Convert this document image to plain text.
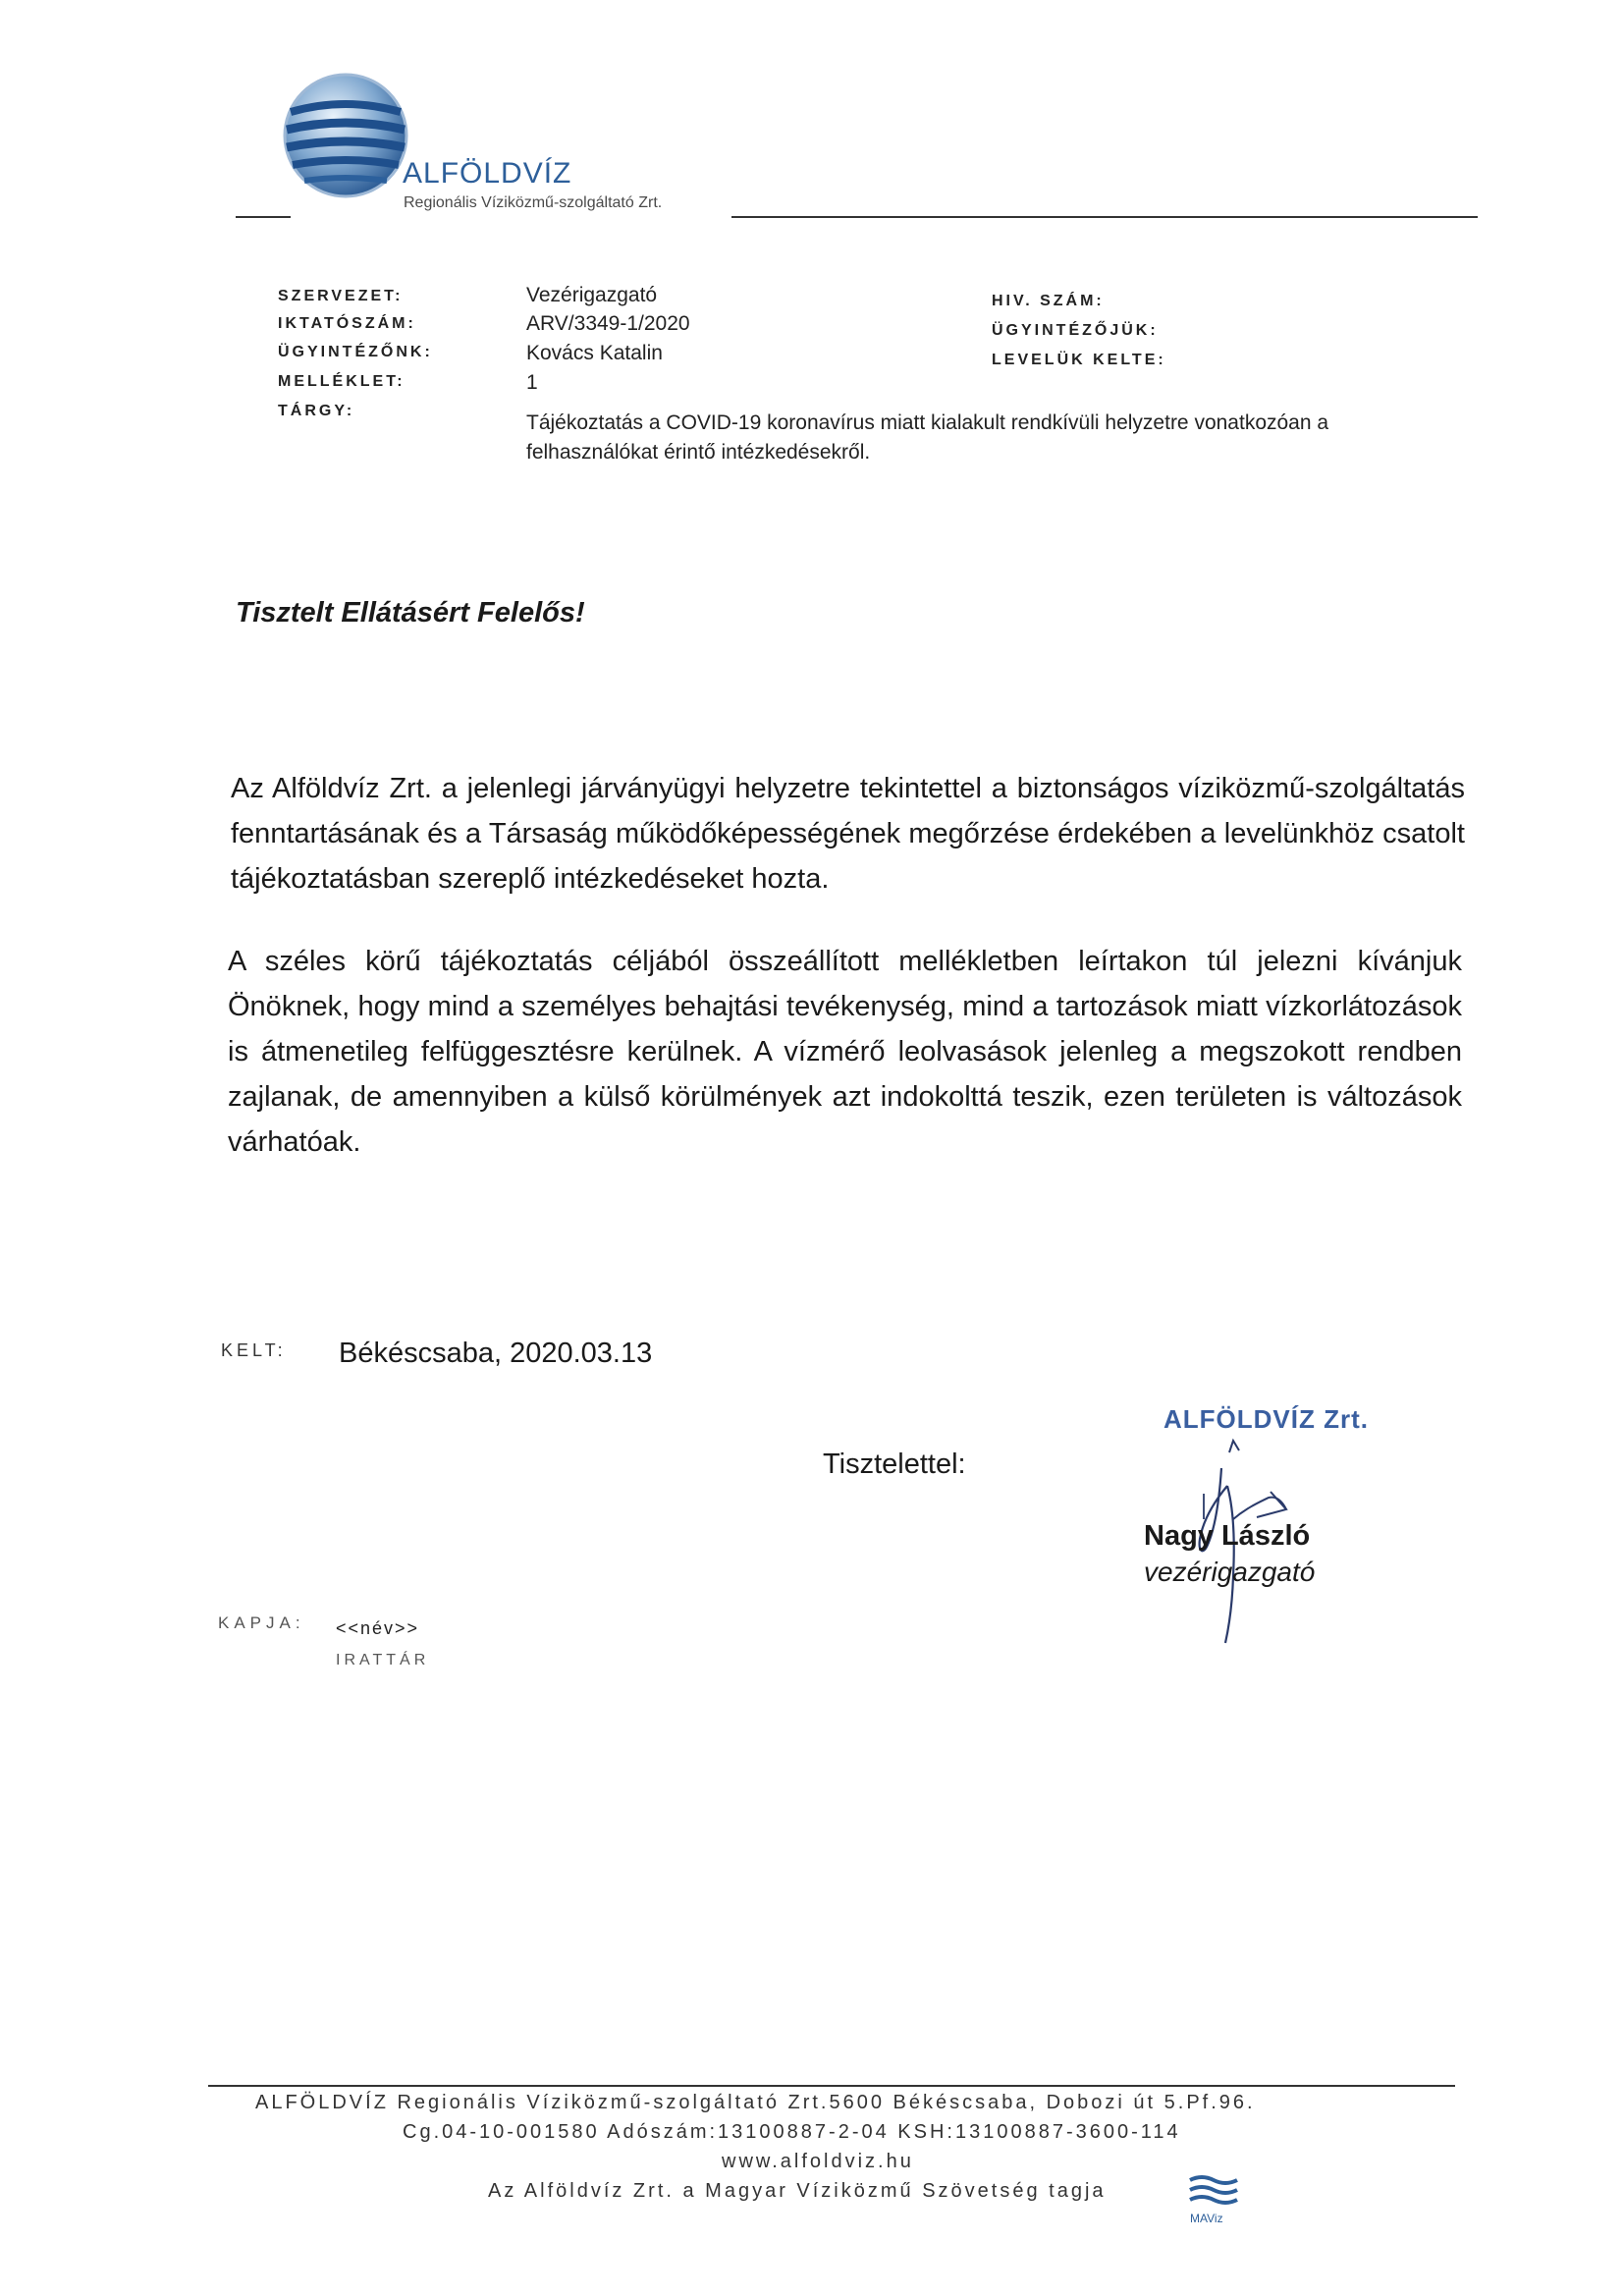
ALFÖLDVÍZ
Regionális Víziközmű-szolgáltató Zrt.
SZERVEZET:	Vezérigazgató
IKTATÓSZÁM:	ARV/3349-1/2020
ÜGYINTÉZŐNK:	Kovács Katalin
MELLÉKLET:	1
TÁRGY:
Tájékoztatás a COVID-19 koronavírus miatt kialakult rendkívüli helyzetre vonatkozóan a felhasználókat érintő intézkedésekről.
HIV. SZÁM:
ÜGYINTÉZŐJÜK:
LEVELÜK KELTE:
Tisztelt Ellátásért Felelős!
Az Alföldvíz Zrt. a jelenlegi járványügyi helyzetre tekintettel a biztonságos víziközmű-szolgáltatás fenntartásának és a Társaság működőképességének megőrzése érdekében a levelünkhöz csatolt tájékoztatásban szereplő intézkedéseket hozta.
A széles körű tájékoztatás céljából összeállított mellékletben leírtakon túl jelezni kívánjuk Önöknek, hogy mind a személyes behajtási tevékenység, mind a tartozások miatt vízkorlátozások is átmenetileg felfüggesztésre kerülnek. A vízmérő leolvasások jelenleg a megszokott rendben zajlanak, de amennyiben a külső körülmények azt indokolttá teszik, ezen területen is változások várhatóak.
KELT: Békéscsaba, 2020.03.13
Tisztelettel:
ALFÖLDVÍZ Zrt.
Nagy László
vezérigazgató
KAPJA: <<név>>
IRATTÁR
ALFÖLDVÍZ Regionális Víziközmű-szolgáltató Zrt.5600 Békéscsaba, Dobozi út 5.Pf.96.
Cg.04-10-001580 Adószám:13100887-2-04 KSH:13100887-3600-114
www.alfoldviz.hu
Az Alföldvíz Zrt. a Magyar Víziközmű Szövetség tagja
MAViz
